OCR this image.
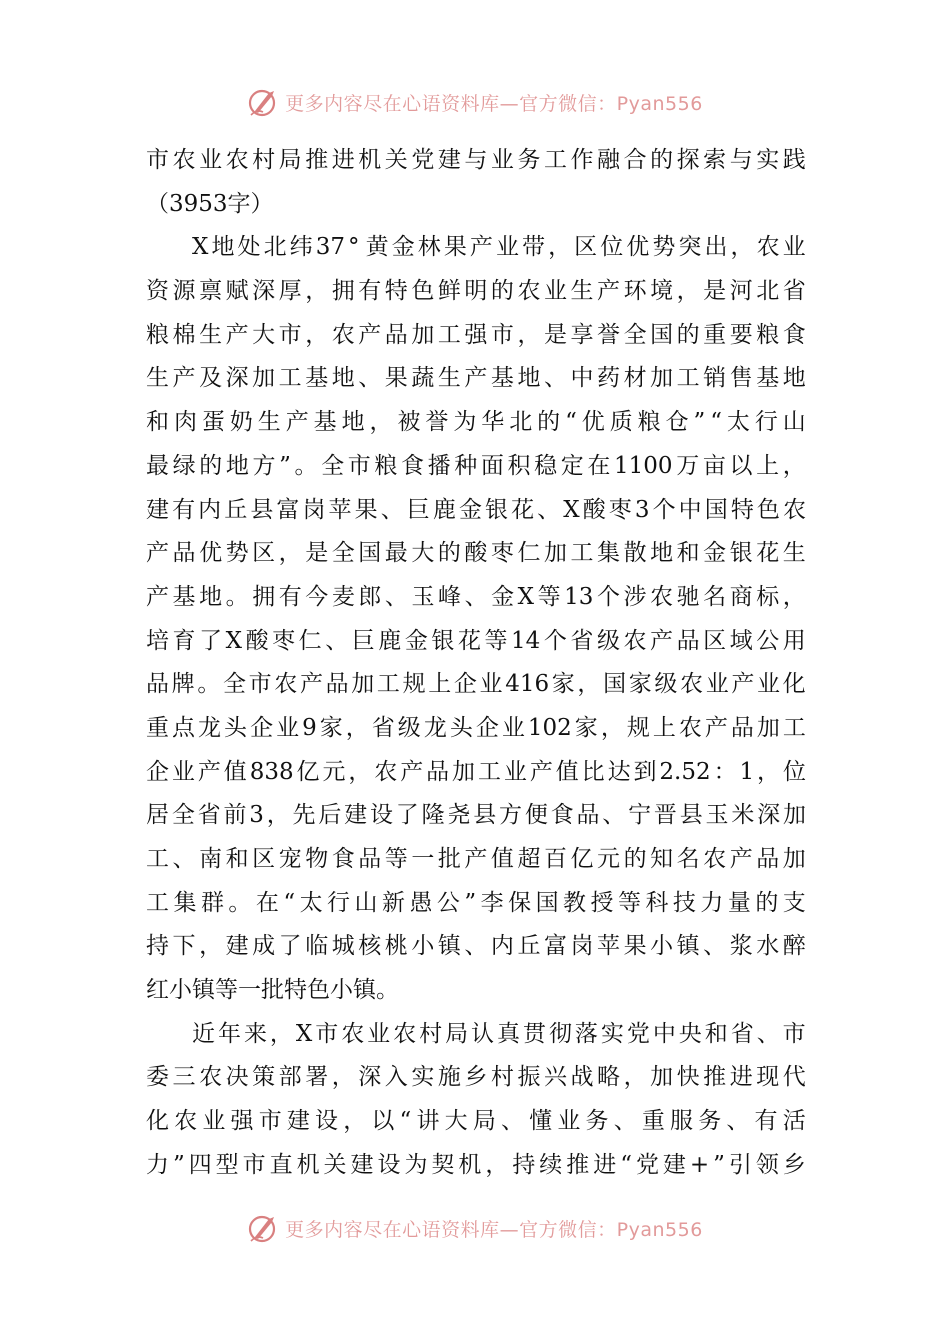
更多内容尽在心语资料库—官方微信：Pyan556
市 农 业 农 村 局 推 进 机 关 党 建 与 业 务 工 作 融 合 的 探 索 与 实 践
（ 3953 字 ）
X 地 处 北 纬 37 ° 黄 金 林 果 产 业 带 ， 区 位 优 势 突 出 ， 农 业
资 源 禀 赋 深 厚 ， 拥 有 特 色 鲜 明 的 农 业 生 产 环 境 ， 是 河 北 省
粮 棉 生 产 大 市 ， 农 产 品 加 工 强 市 ， 是 享 誉 全 国 的 重 要 粮 食
生 产 及 深 加 工 基 地 、 果 蔬 生 产 基 地 、 中 药 材 加 工 销 售 基 地
和 肉 蛋 奶 生 产 基 地 ， 被 誉 为 华 北 的 “ 优 质 粮 仓 ” “ 太 行 山
最 绿 的 地 方 ” 。 全 市 粮 食 播 种 面 积 稳 定 在 1100 万 亩 以 上 ，
建 有 内 丘 县 富 岗 苹 果 、 巨 鹿 金 银 花 、 X 酸 枣 3 个 中 国 特 色 农
产 品 优 势 区 ， 是 全 国 最 大 的 酸 枣 仁 加 工 集 散 地 和 金 银 花 生
产 基 地 。 拥 有 今 麦 郎 、 玉 峰 、 金 X 等 13 个 涉 农 驰 名 商 标 ，
培 育 了 X 酸 枣 仁 、 巨 鹿 金 银 花 等 14 个 省 级 农 产 品 区 域 公 用
品 牌 。 全 市 农 产 品 加 工 规 上 企 业 416 家 ， 国 家 级 农 业 产 业 化
重 点 龙 头 企 业 9 家 ， 省 级 龙 头 企 业 102 家 ， 规 上 农 产 品 加 工
企 业 产 值 838 亿 元 ， 农 产 品 加 工 业 产 值 比 达 到 2.52 ： 1 ， 位
居 全 省 前 3 ， 先 后 建 设 了 隆 尧 县 方 便 食 品 、 宁 晋 县 玉 米 深 加
工 、 南 和 区 宠 物 食 品 等 一 批 产 值 超 百 亿 元 的 知 名 农 产 品 加
工 集 群 。 在 “ 太 行 山 新 愚 公 ” 李 保 国 教 授 等 科 技 力 量 的 支
持 下 ， 建 成 了 临 城 核 桃 小 镇 、 内 丘 富 岗 苹 果 小 镇 、 浆 水 醉
红 小 镇 等 一 批 特 色 小 镇 。
近 年 来 ， X 市 农 业 农 村 局 认 真 贯 彻 落 实 党 中 央 和 省 、 市
委 三 农 决 策 部 署 ， 深 入 实 施 乡 村 振 兴 战 略 ， 加 快 推 进 现 代
化 农 业 强 市 建 设 ， 以 “ 讲 大 局 、 懂 业 务 、 重 服 务 、 有 活
力 ” 四 型 市 直 机 关 建 设 为 契 机 ， 持 续 推 进 “ 党 建 + ” 引 领 乡
更多内容尽在心语资料库—官方微信：Pyan556
